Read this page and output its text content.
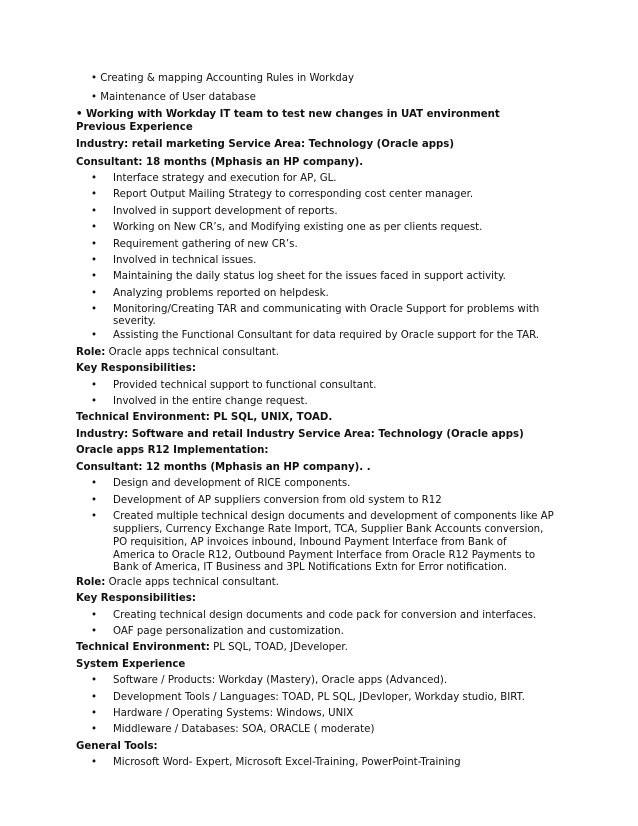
• Creating & mapping Accounting Rules in Workday
• Maintenance of User database
• Working with Workday IT team to test new changes in UAT environment
Previous Experience
Industry: retail marketing Service Area: Technology (Oracle apps)
Consultant: 18 months (Mphasis an HP company).
• Interface strategy and execution for AP, GL.
• Report Output Mailing Strategy to corresponding cost center manager.
• Involved in support development of reports.
• Working on New CR’s, and Modifying existing one as per clients request.
• Requirement gathering of new CR’s.
• Involved in technical issues.
• Maintaining the daily status log sheet for the issues faced in support activity.
• Analyzing problems reported on helpdesk.
• Monitoring/Creating TAR and communicating with Oracle Support for problems with
severity.
• Assisting the Functional Consultant for data required by Oracle support for the TAR.
Role: Oracle apps technical consultant.
Key Responsibilities:
• Provided technical support to functional consultant.
• Involved in the entire change request.
Technical Environment: PL SQL, UNIX, TOAD.
Industry: Software and retail Industry Service Area: Technology (Oracle apps)
Oracle apps R12 Implementation:
Consultant: 12 months (Mphasis an HP company). .
• Design and development of RICE components.
• Development of AP suppliers conversion from old system to R12
• Created multiple technical design documents and development of components like AP
suppliers, Currency Exchange Rate Import, TCA, Supplier Bank Accounts conversion,
PO requisition, AP invoices inbound, Inbound Payment Interface from Bank of
America to Oracle R12, Outbound Payment Interface from Oracle R12 Payments to
Bank of America, IT Business and 3PL Notifications Extn for Error notification.
Role: Oracle apps technical consultant.
Key Responsibilities:
• Creating technical design documents and code pack for conversion and interfaces.
• OAF page personalization and customization.
Technical Environment: PL SQL, TOAD, JDeveloper.
System Experience
• Software / Products: Workday (Mastery), Oracle apps (Advanced).
• Development Tools / Languages: TOAD, PL SQL, JDevloper, Workday studio, BIRT.
• Hardware / Operating Systems: Windows, UNIX
• Middleware / Databases: SOA, ORACLE ( moderate)
General Tools:
• Microsoft Word- Expert, Microsoft Excel-Training, PowerPoint-Training
